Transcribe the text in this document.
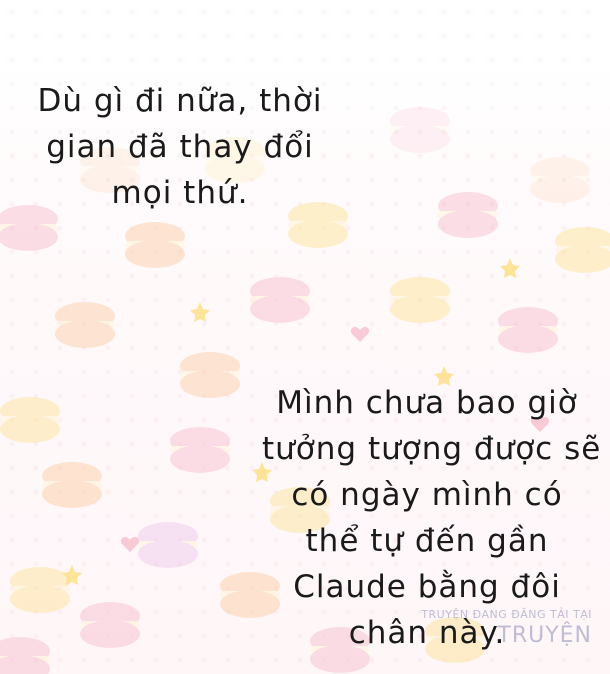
Dù gì đi nữa, thời
gian đã thay đổi
mọi thứ.
Mình chưa bao giờ
tưởng tượng được sẽ
có ngày mình có
thể tự đến gần
Claude bằng đôi
chân này.
TRUYỆN ĐANG ĐĂNG TẢI TẠI
TRUYỆN
